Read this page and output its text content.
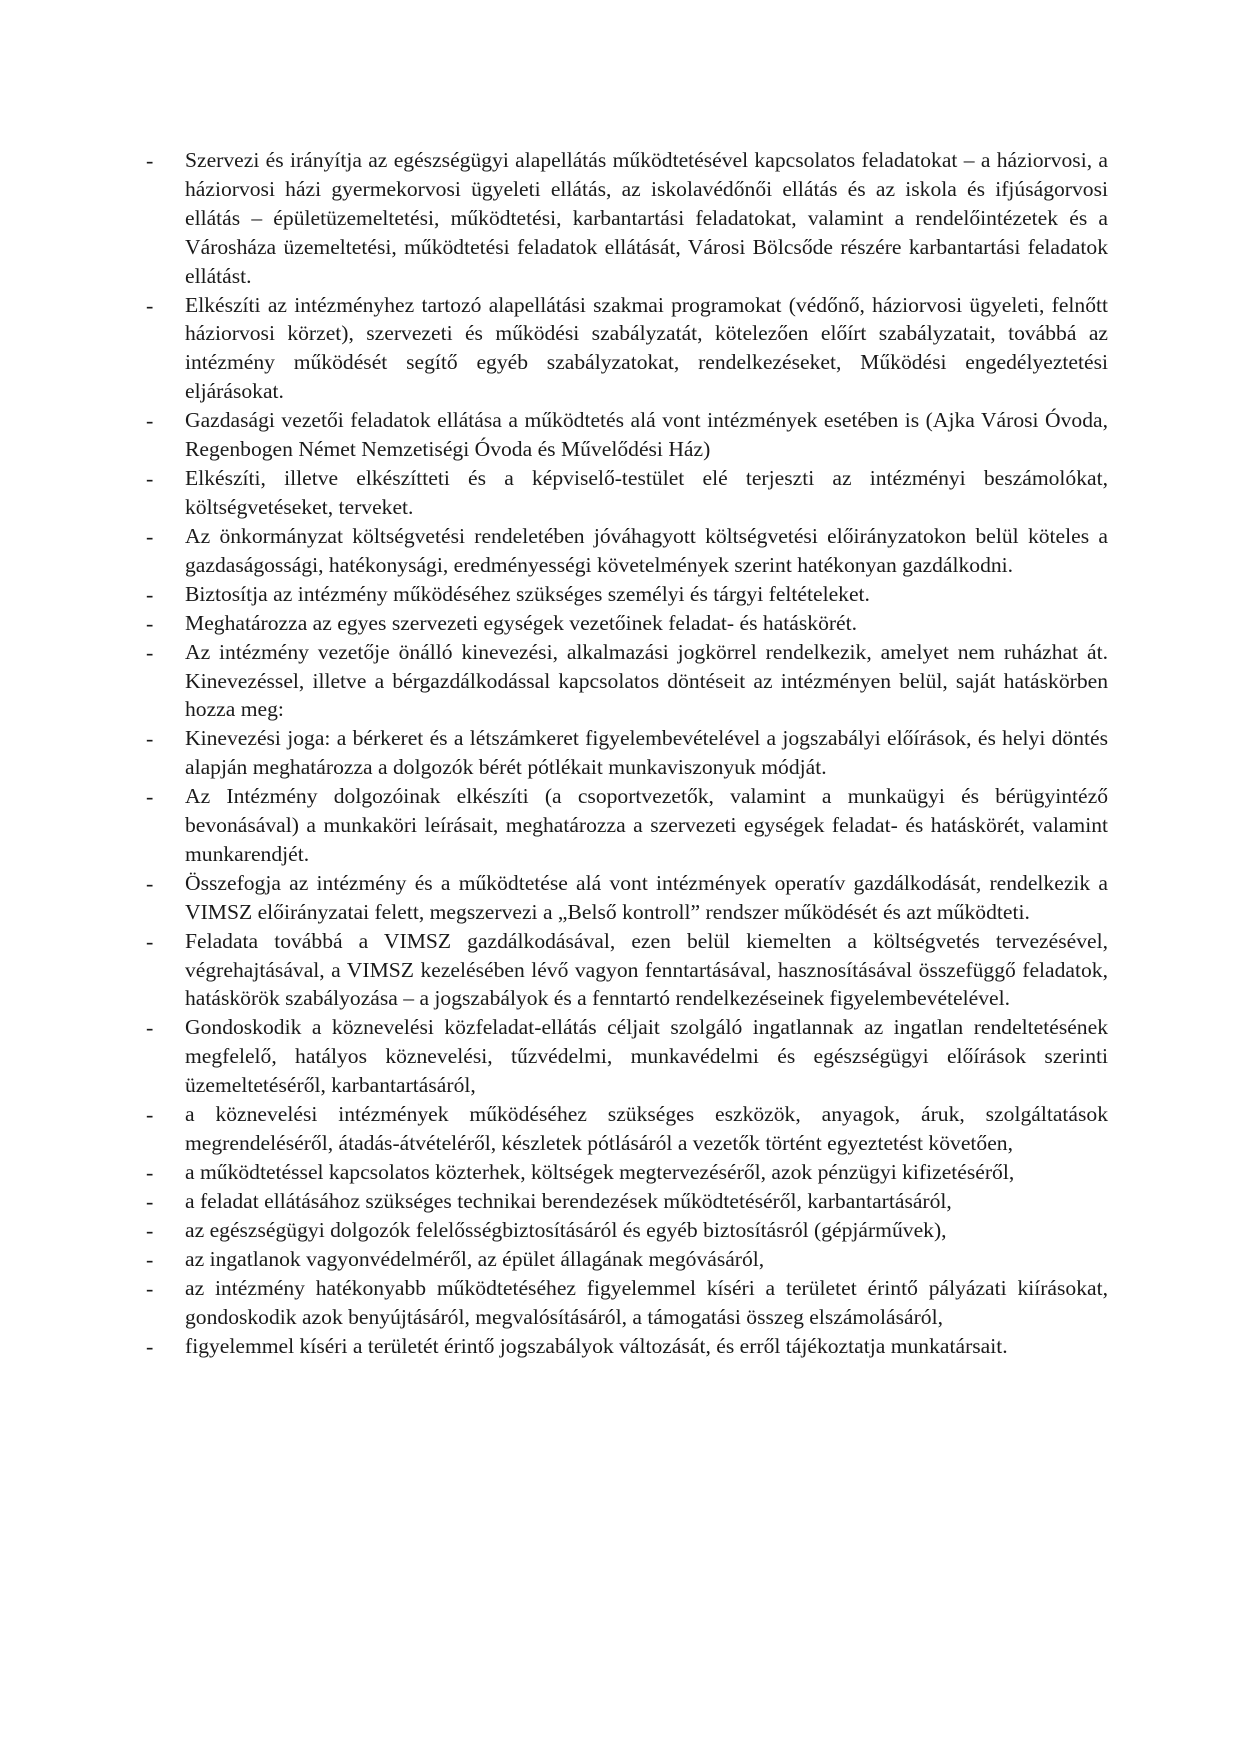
-	Szervezi és irányítja az egészségügyi alapellátás működtetésével kapcsolatos feladatokat – a háziorvosi, a háziorvosi házi gyermekorvosi ügyeleti ellátás, az iskolavédőnői ellátás és az iskola és ifjúságorvosi ellátás – épületüzemeltetési, működtetési, karbantartási feladatokat, valamint a rendelőintézetek és a Városháza üzemeltetési, működtetési feladatok ellátását, Városi Bölcsőde részére karbantartási feladatok ellátást.
-	Elkészíti az intézményhez tartozó alapellátási szakmai programokat (védőnő, háziorvosi ügyeleti, felnőtt háziorvosi körzet), szervezeti és működési szabályzatát, kötelezően előírt szabályzatait, továbbá az intézmény működését segítő egyéb szabályzatokat, rendelkezéseket, Működési engedélyeztetési eljárásokat.
-	Gazdasági vezetői feladatok ellátása a működtetés alá vont intézmények esetében is (Ajka Városi Óvoda, Regenbogen Német Nemzetiségi Óvoda és Művelődési Ház)
-	Elkészíti, illetve elkészítteti és a képviselő-testület elé terjeszti az intézményi beszámolókat, költségvetéseket, terveket.
-	Az önkormányzat költségvetési rendeletében jóváhagyott költségvetési előirányzatokon belül köteles a gazdaságossági, hatékonysági, eredményességi követelmények szerint hatékonyan gazdálkodni.
-	Biztosítja az intézmény működéséhez szükséges személyi és tárgyi feltételeket.
-	Meghatározza az egyes szervezeti egységek vezetőinek feladat- és hatáskörét.
-	Az intézmény vezetője önálló kinevezési, alkalmazási jogkörrel rendelkezik, amelyet nem ruházhat át. Kinevezéssel, illetve a bérgazdálkodással kapcsolatos döntéseit az intézményen belül, saját hatáskörben hozza meg:
-	Kinevezési joga: a bérkeret és a létszámkeret figyelembevételével a jogszabályi előírások, és helyi döntés alapján meghatározza a dolgozók bérét pótlékait munkaviszonyuk módját.
-	Az Intézmény dolgozóinak elkészíti (a csoportvezetők, valamint a munkaügyi és bérügyintéző bevonásával) a munkaköri leírásait, meghatározza a szervezeti egységek feladat- és hatáskörét, valamint munkarendjét.
-	Összefogja az intézmény és a működtetése alá vont intézmények operatív gazdálkodását, rendelkezik a VIMSZ előirányzatai felett, megszervezi a „Belső kontroll” rendszer működését és azt működteti.
-	Feladata továbbá a VIMSZ gazdálkodásával, ezen belül kiemelten a költségvetés tervezésével, végrehajtásával, a VIMSZ kezelésében lévő vagyon fenntartásával, hasznosításával összefüggő feladatok, hatáskörök szabályozása – a jogszabályok és a fenntartó rendelkezéseinek figyelembevételével.
-	Gondoskodik a köznevelési közfeladat-ellátás céljait szolgáló ingatlannak az ingatlan rendeltetésének megfelelő, hatályos köznevelési, tűzvédelmi, munkavédelmi és egészségügyi előírások szerinti üzemeltetéséről, karbantartásáról,
-	a köznevelési intézmények működéséhez szükséges eszközök, anyagok, áruk, szolgáltatások megrendeléséről, átadás-átvételéről, készletek pótlásáról a vezetők történt egyeztetést követően,
-	a működtetéssel kapcsolatos közterhek, költségek megtervezéséről, azok pénzügyi kifizetéséről,
-	a feladat ellátásához szükséges technikai berendezések működtetéséről, karbantartásáról,
-	az egészségügyi dolgozók felelősségbiztosításáról és egyéb biztosításról (gépjárművek),
-	az ingatlanok vagyonvédelméről, az épület állagának megóvásáról,
-	az intézmény hatékonyabb működtetéséhez figyelemmel kíséri a területet érintő pályázati kiírásokat, gondoskodik azok benyújtásáról, megvalósításáról, a támogatási összeg elszámolásáról,
-	figyelemmel kíséri a területét érintő jogszabályok változását, és erről tájékoztatja munkatársait.
